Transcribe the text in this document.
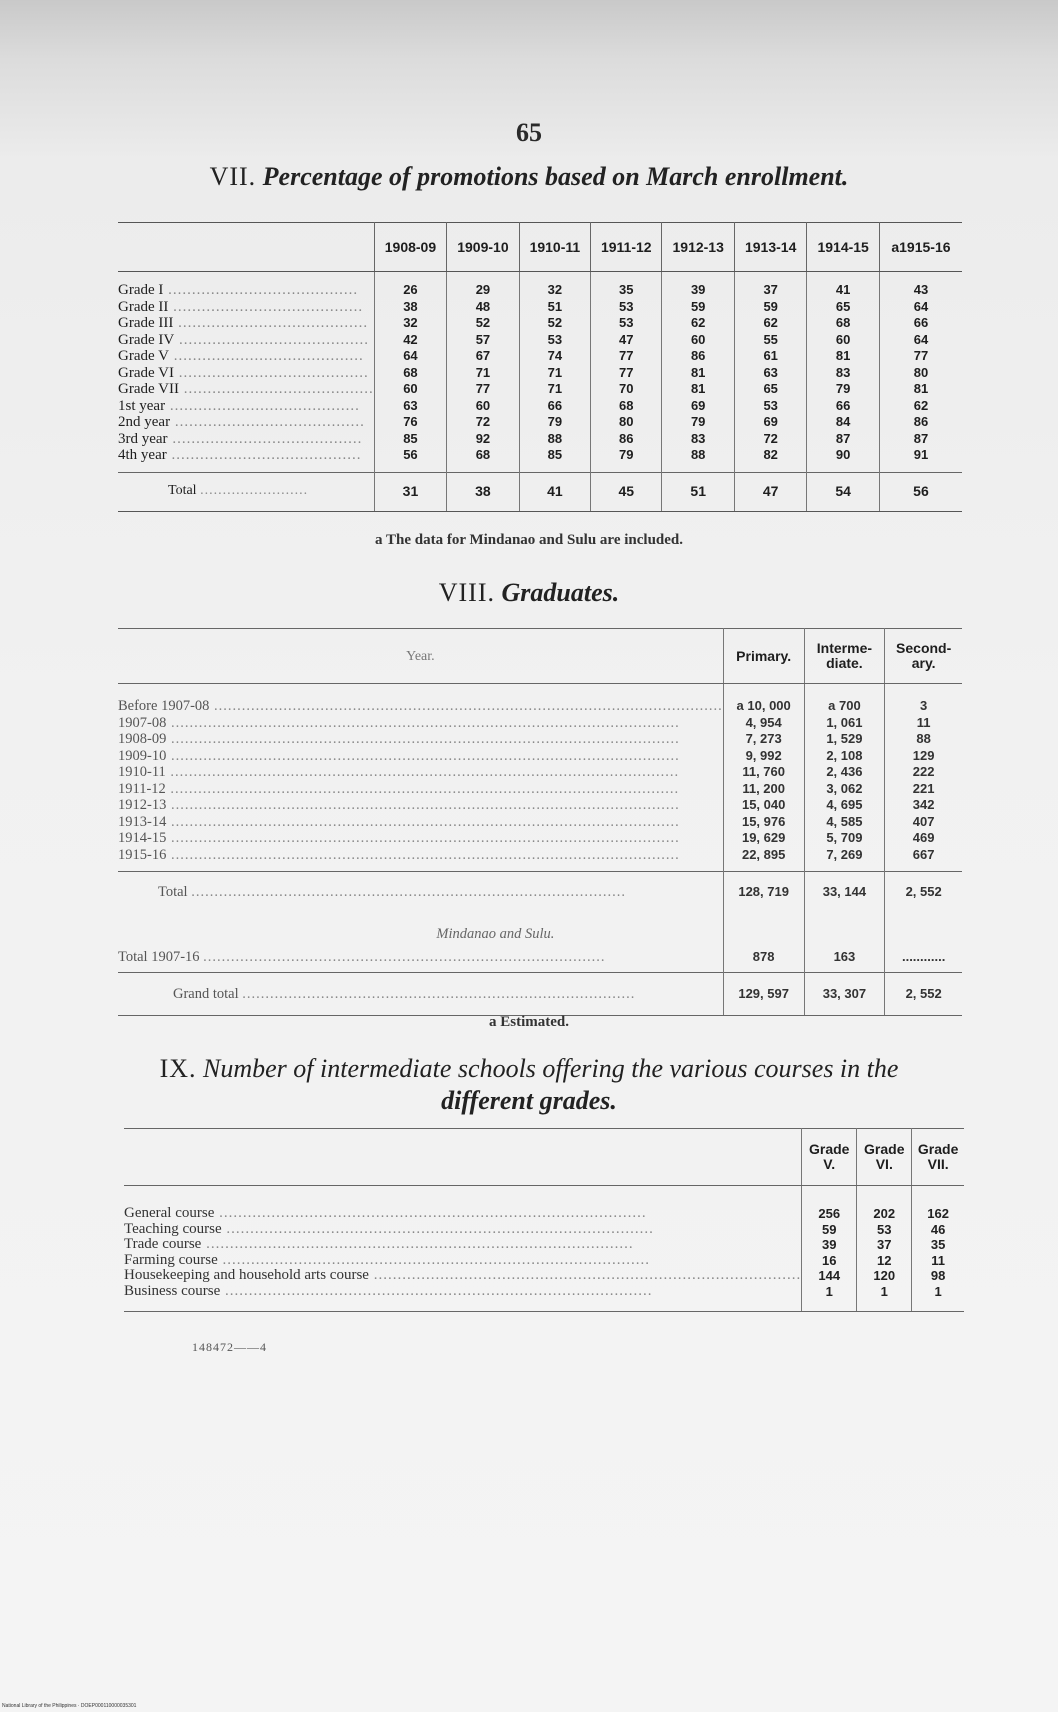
65
VII. Percentage of promotions based on March enrollment.
	1908-09	1909-10	1910-11	1911-12	1912-13	1913-14	1914-15	a1915-16
Grade I ........................................	26	29	32	35	39	37	41	43
Grade II ........................................	38	48	51	53	59	59	65	64
Grade III ........................................	32	52	52	53	62	62	68	66
Grade IV ........................................	42	57	53	47	60	55	60	64
Grade V ........................................	64	67	74	77	86	61	81	77
Grade VI ........................................	68	71	71	77	81	63	83	80
Grade VII ........................................	60	77	71	70	81	65	79	81
1st year ........................................	63	60	66	68	69	53	66	62
2nd year ........................................	76	72	79	80	79	69	84	86
3rd year ........................................	85	92	88	86	83	72	87	87
4th year ........................................	56	68	85	79	88	82	90	91
Total ........................	31	38	41	45	51	47	54	56
a The data for Mindanao and Sulu are included.
VIII. Graduates.
Year.	Primary.	Interme-diate.	Second-ary.
Before 1907-08 ..............................................................................................................	a 10, 000	a 700	3
1907-08 ..............................................................................................................	4, 954	1, 061	11
1908-09 ..............................................................................................................	7, 273	1, 529	88
1909-10 ..............................................................................................................	9, 992	2, 108	129
1910-11 ..............................................................................................................	11, 760	2, 436	222
1911-12 ..............................................................................................................	11, 200	3, 062	221
1912-13 ..............................................................................................................	15, 040	4, 695	342
1913-14 ..............................................................................................................	15, 976	4, 585	407
1914-15 ..............................................................................................................	19, 629	5, 709	469
1915-16 ..............................................................................................................	22, 895	7, 269	667
Total ..............................................................................................	128, 719	33, 144	2, 552
Mindanao and Sulu.			
Total 1907-16 .......................................................................................	878	163	............
Grand total .....................................................................................	129, 597	33, 307	2, 552
a Estimated.
IX. Number of intermediate schools offering the various courses in the
different grades.
	Grade V.	Grade VI.	Grade VII.
General course ..........................................................................................	256	202	162
Teaching course ..........................................................................................	59	53	46
Trade course ..........................................................................................	39	37	35
Farming course ..........................................................................................	16	12	11
Housekeeping and household arts course ..........................................................................................	144	120	98
Business course ..........................................................................................	1	1	1
148472——4
National Library of the Philippines · DOEP000110000035301
